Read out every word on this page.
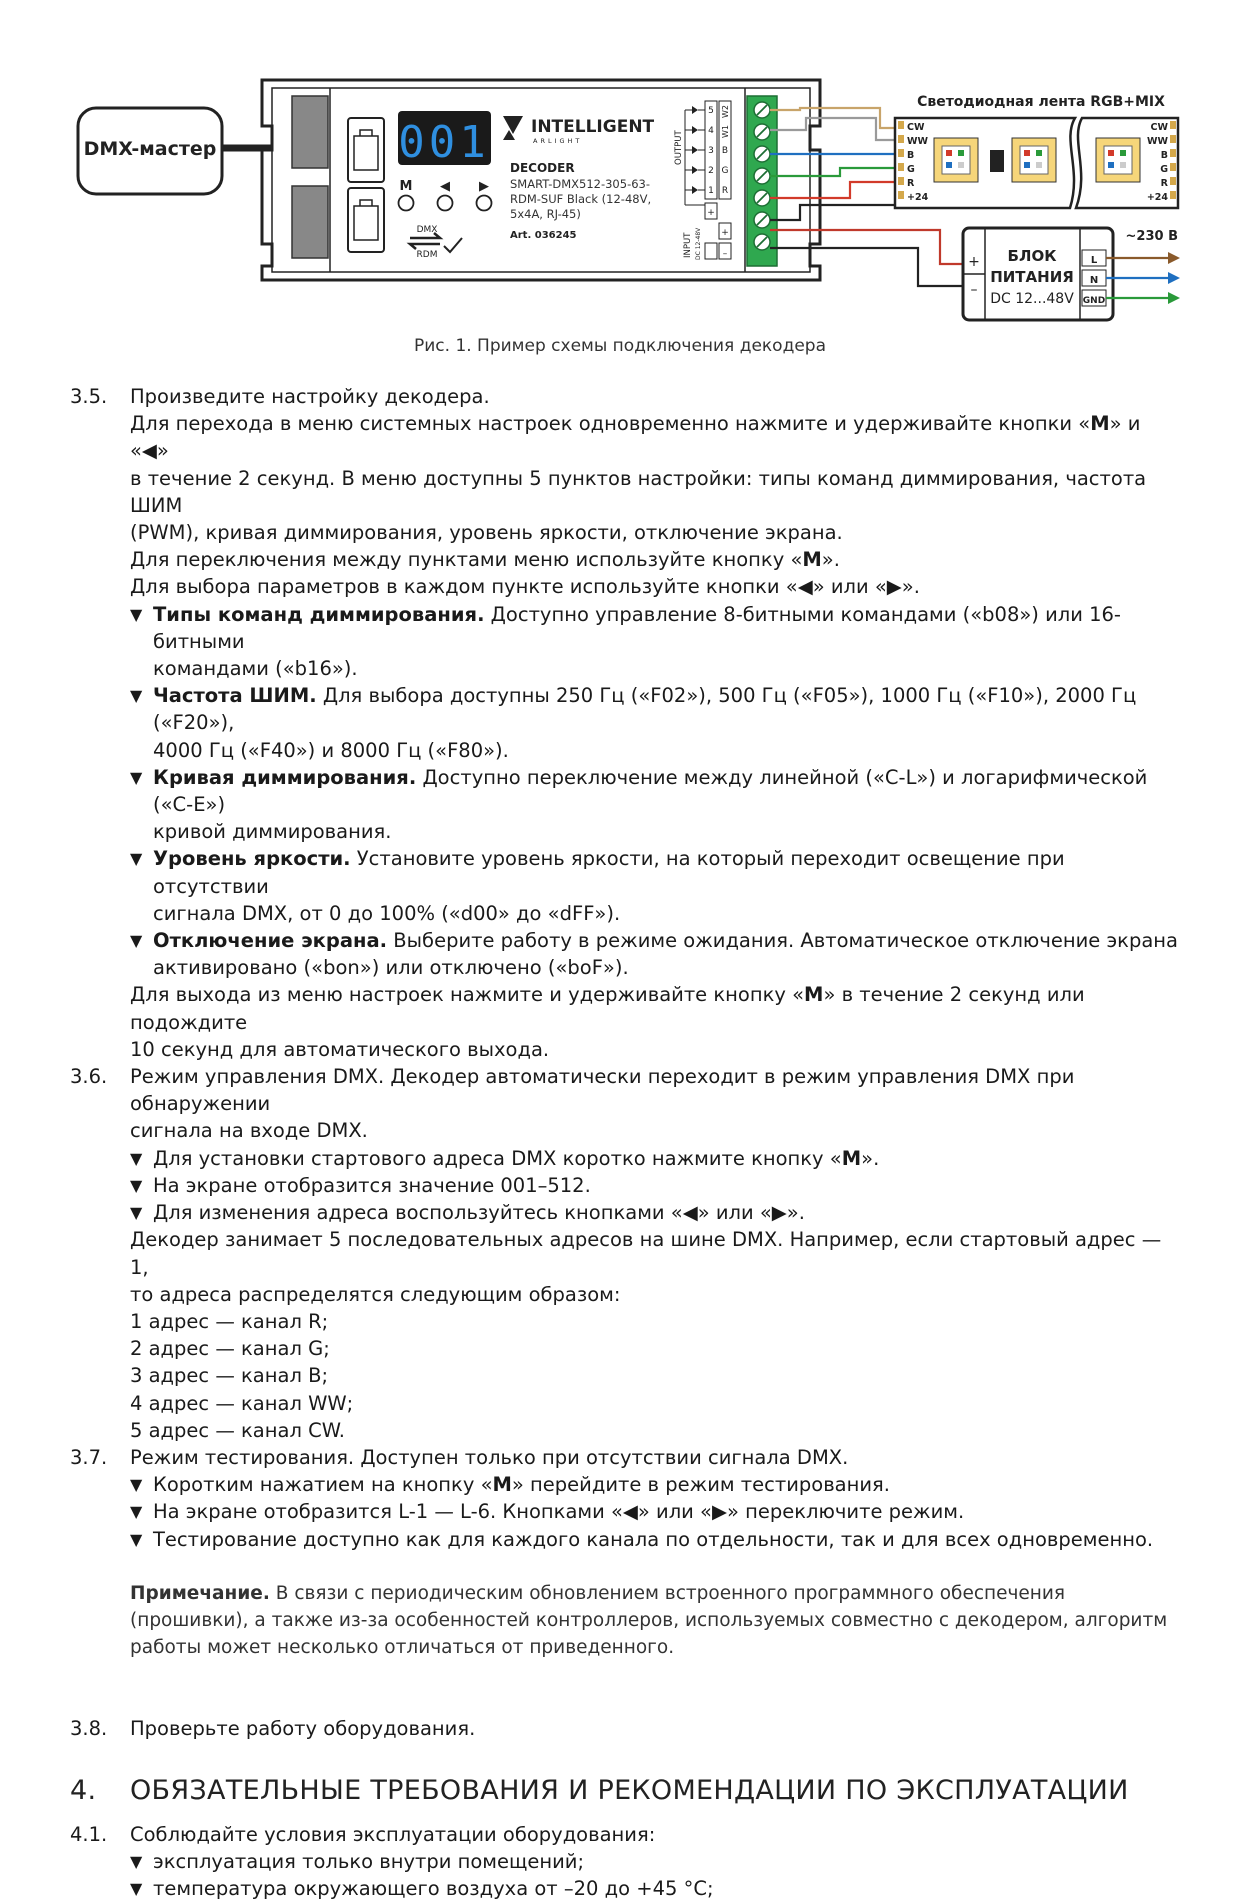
DMX-мастер	001
M ◀ ▶
DMX
RDM
INTELLIGENT
ARLIGHT
DECODER
SMART-DMX512-305-63-
RDM-SUF Black (12-48V,
5x4A, RJ-45)
Art. 036245
OUTPUT
INPUT DC 12-48V
5
4
3
2
1
W2
W1
B
G
R
+
+
–
Светодиодная лента RGB+MIX
CW
WW
B
G
R
+24
CW
WW
B
G
R
+24
~230 В
+
–
БЛОК
ПИТАНИЯ
DC 12...48V
L
N
GND
Рис. 1. Пример схемы подключения декодера
3.5.	Произведите настройку декодера.
Для перехода в меню системных настроек одновременно нажмите и удерживайте кнопки «M» и «◀»
в течение 2 секунд. В меню доступны 5 пунктов настройки: типы команд диммирования, частота ШИМ
(PWM), кривая диммирования, уровень яркости, отключение экрана.
Для переключения между пунктами меню используйте кнопку «M».
Для выбора параметров в каждом пункте используйте кнопки «◀» или «▶».
▼ Типы команд диммирования. Доступно управление 8-битными командами («b08») или 16-битными
командами («b16»).
▼ Частота ШИМ. Для выбора доступны 250 Гц («F02»), 500 Гц («F05»), 1000 Гц («F10»), 2000 Гц («F20»),
4000 Гц («F40») и 8000 Гц («F80»).
▼ Кривая диммирования. Доступно переключение между линейной («C-L») и логарифмической («C-E»)
кривой диммирования.
▼ Уровень яркости. Установите уровень яркости, на который переходит освещение при отсутствии
сигнала DMX, от 0 до 100% («d00» до «dFF»).
▼ Отключение экрана. Выберите работу в режиме ожидания. Автоматическое отключение экрана
активировано («bon») или отключено («boF»).
Для выхода из меню настроек нажмите и удерживайте кнопку «M» в течение 2 секунд или подождите
10 секунд для автоматического выхода.
3.6.	Режим управления DMX. Декодер автоматически переходит в режим управления DMX при обнаружении
сигнала на входе DMX.
▼ Для установки стартового адреса DMX коротко нажмите кнопку «M».
▼ На экране отобразится значение 001–512.
▼ Для изменения адреса воспользуйтесь кнопками «◀» или «▶».
Декодер занимает 5 последовательных адресов на шине DMX. Например, если стартовый адрес — 1,
то адреса распределятся следующим образом:
1 адрес — канал R;
2 адрес — канал G;
3 адрес — канал B;
4 адрес — канал WW;
5 адрес — канал CW.
3.7.	Режим тестирования. Доступен только при отсутствии сигнала DMX.
▼ Коротким нажатием на кнопку «M» перейдите в режим тестирования.
▼ На экране отобразится L-1 — L-6. Кнопками «◀» или «▶» переключите режим.
▼ Тестирование доступно как для каждого канала по отдельности, так и для всех одновременно.
Примечание. В связи с периодическим обновлением встроенного программного обеспечения
(прошивки), а также из-за особенностей контроллеров, используемых совместно с декодером, алгоритм
работы может несколько отличаться от приведенного.
3.8.	Проверьте работу оборудования.
4.	ОБЯЗАТЕЛЬНЫЕ ТРЕБОВАНИЯ И РЕКОМЕНДАЦИИ ПО ЭКСПЛУАТАЦИИ
4.1.	Соблюдайте условия эксплуатации оборудования:
▼ эксплуатация только внутри помещений;
▼ температура окружающего воздуха от –20 до +45 °C;
